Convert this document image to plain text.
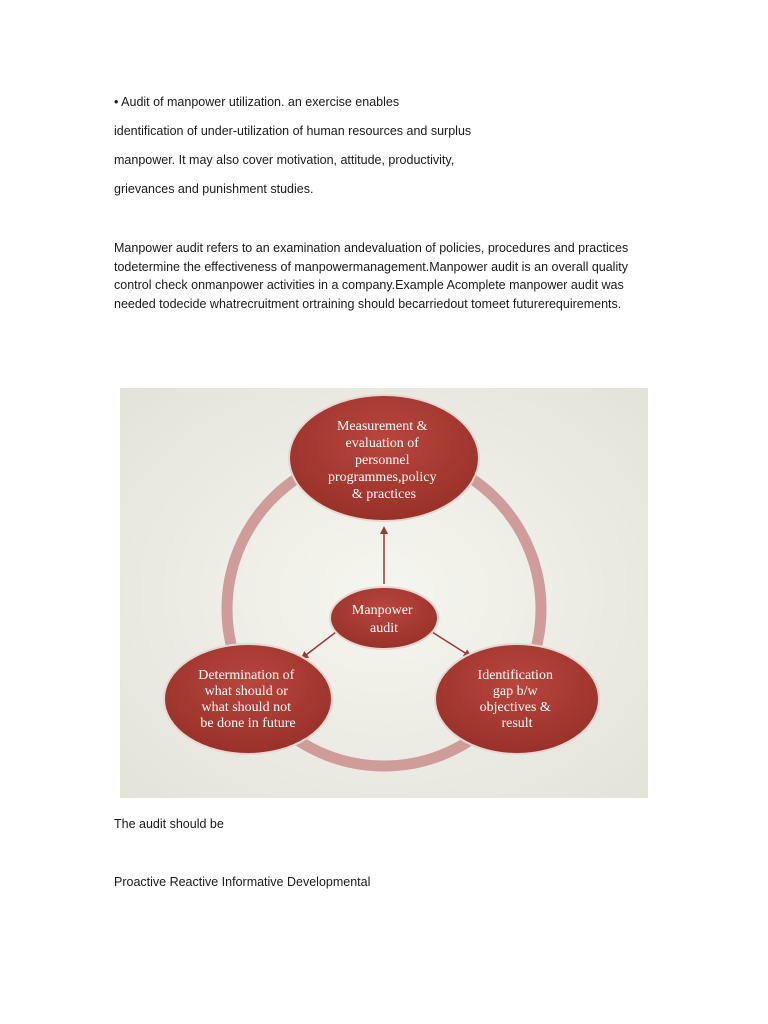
• Audit of manpower utilization. an exercise enables
identification of under-utilization of human resources and surplus
manpower. It may also cover motivation, attitude, productivity,
grievances and punishment studies.

Manpower audit refers to an examination andevaluation of policies, procedures and practices

todetermine the effectiveness of manpowermanagement.Manpower audit is an overall quality

control check onmanpower activities in a company.Example Acomplete manpower audit was

needed todecide whatrecruitment ortraining should becarriedout tomeet futurerequirements.

Measurement & evaluation of personnel programmes,policy & practices
Manpower audit
Determination of what should or what should not be done in future
Identification gap b/w objectives & result
The audit should be
Proactive Reactive Informative Developmental
